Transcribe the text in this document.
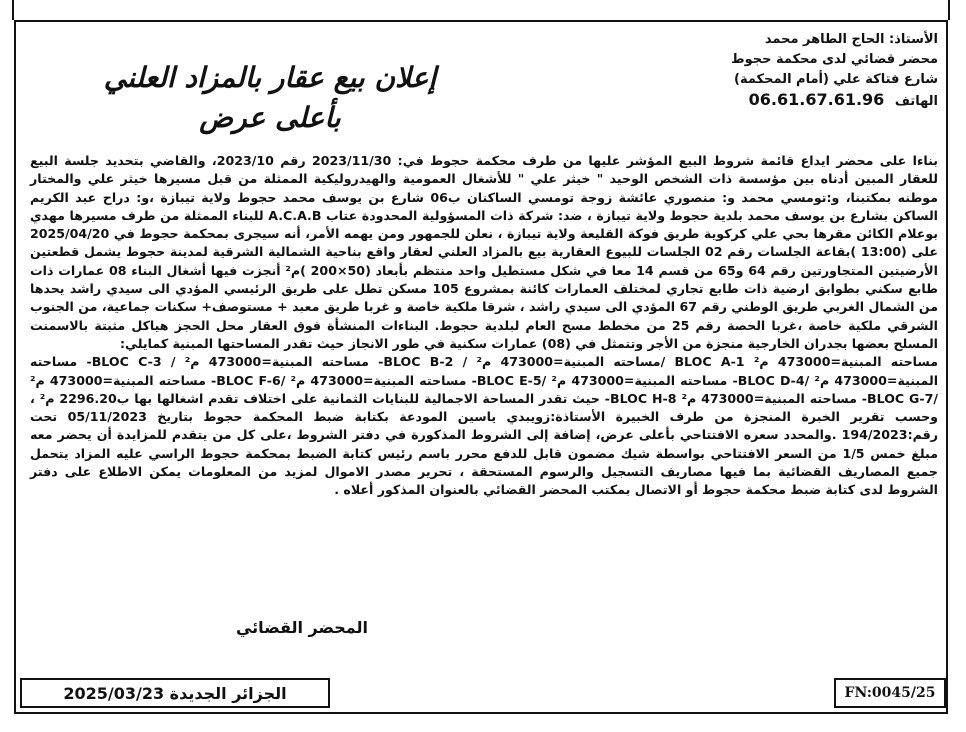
الأستاذ: الحاج الطاهر محمد
محضر قضائي لدى محكمة حجوط
شارع فتاكة علي (أمام المحكمة)
الهاتف 06.61.67.61.96
إعلان بيع عقار بالمزاد العلني
بأعلى عرض

بناءا على محضر ايداع قائمة شروط البيع المؤشر عليها من طرف محكمة حجوط في: 2023/11/30 رقم 2023/10، والقاضي بتحديد جلسة البيع للعقار المبين أدناه بين مؤسسة ذات الشخص الوحيد " خيثر علي " للأشغال العمومية والهيدروليكية الممثلة من قبل مسيرها خيثر علي والمختار موطنه بمكتبنا، و:تومسي محمد و: منصوري عائشة زوجة تومسي الساكنان ب06 شارع بن يوسف محمد حجوط ولاية تيبازة ،و: دراح عبد الكريم الساكن بشارع بن يوسف محمد بلدية حجوط ولاية تيبازة ، ضد: شركة ذات المسؤولية المحدودة عتاب A.C.A.B للبناء الممثلة من طرف مسيرها مهدي بوعلام الكائن مقرها بحي علي كركوية طريق فوكة القليعة ولاية تيبازة ، نعلن للجمهور ومن يهمه الأمر، أنه سيجرى بمحكمة حجوط في 2025/04/20 على (13:00 )بقاعة الجلسات رقم 02 الجلسات للبيوع العقارية بيع بالمزاد العلني لعقار واقع بناحية الشمالية الشرقية لمدينة حجوط يشمل قطعتين الأرضيتين المتجاورتين رقم 64 و65 من قسم 14 معا في شكل مستطيل واحد منتظم بأبعاد (50×200 )م² أنجزت فيها أشغال البناء 08 عمارات ذات طابع سكني بطوابق ارضية ذات طابع تجاري لمختلف العمارات كائنة بمشروع 105 مسكن تطل على طريق الرئيسي المؤدي الى سيدي راشد يحدها من الشمال الغربي طريق الوطني رقم 67 المؤدي الى سيدي راشد ، شرقا ملكية خاصة و غربا طريق معبد + مستوصف+ سكنات جماعية، من الجنوب الشرقي ملكية خاصة ،غربا الحصة رقم 25 من مخطط مسح العام لبلدية حجوط. البناءات المنشأة فوق العقار محل الحجز هياكل مثبتة بالاسمنت المسلح بعضها بجدران الخارجية منجزة من الأجر وتتمثل في (08) عمارات سكنية في طور الانجاز حيث تقدر المساحتها المبنية كمايلي:

مساحته المبنية=473000 م² BLOC A-1 /مساحته المبنية=473000 م² / BLOC B-2- مساحته المبنية=473000 م² / BLOC C-3- مساحته المبنية=473000 م² /BLOC D-4- مساحته المبنية=473000 م² /BLOC E-5- مساحته المبنية=473000 م² /BLOC F-6- مساحته المبنية=473000 م² /BLOC G-7- مساحته المبنية=473000 م² BLOC H-8- حيث تقدر المساحة الاجمالية للبنايات الثمانية على اختلاف تقدم اشغالها بها ب2296.20 م² ، وحسب تقرير الخبرة المنجزة من طرف الخبيرة الأستاذة:زويبدي ياسين المودعة بكتابة ضبط المحكمة حجوط بتاريخ 05/11/2023 تحت رقم:194/2023 .والمحدد سعره الافتتاحي بأعلى عرض، إضافة إلى الشروط المذكورة في دفتر الشروط ،على كل من يتقدم للمزايدة أن يحضر معه مبلغ خمس 1/5 من السعر الافتتاحي بواسطة شيك مضمون قابل للدفع محرر باسم رئيس كتابة الضبط بمحكمة حجوط الراسي عليه المزاد يتحمل جميع المصاريف القضائية بما فيها مصاريف التسجيل والرسوم المستحقة ، تحرير مصدر الاموال لمزيد من المعلومات يمكن الاطلاع على دفتر الشروط لدى كتابة ضبط محكمة حجوط أو الاتصال بمكتب المحضر القضائي بالعنوان المذكور أعلاه .

المحضر القضائي
الجزائر الجديدة 2025/03/23	FN:0045/25
